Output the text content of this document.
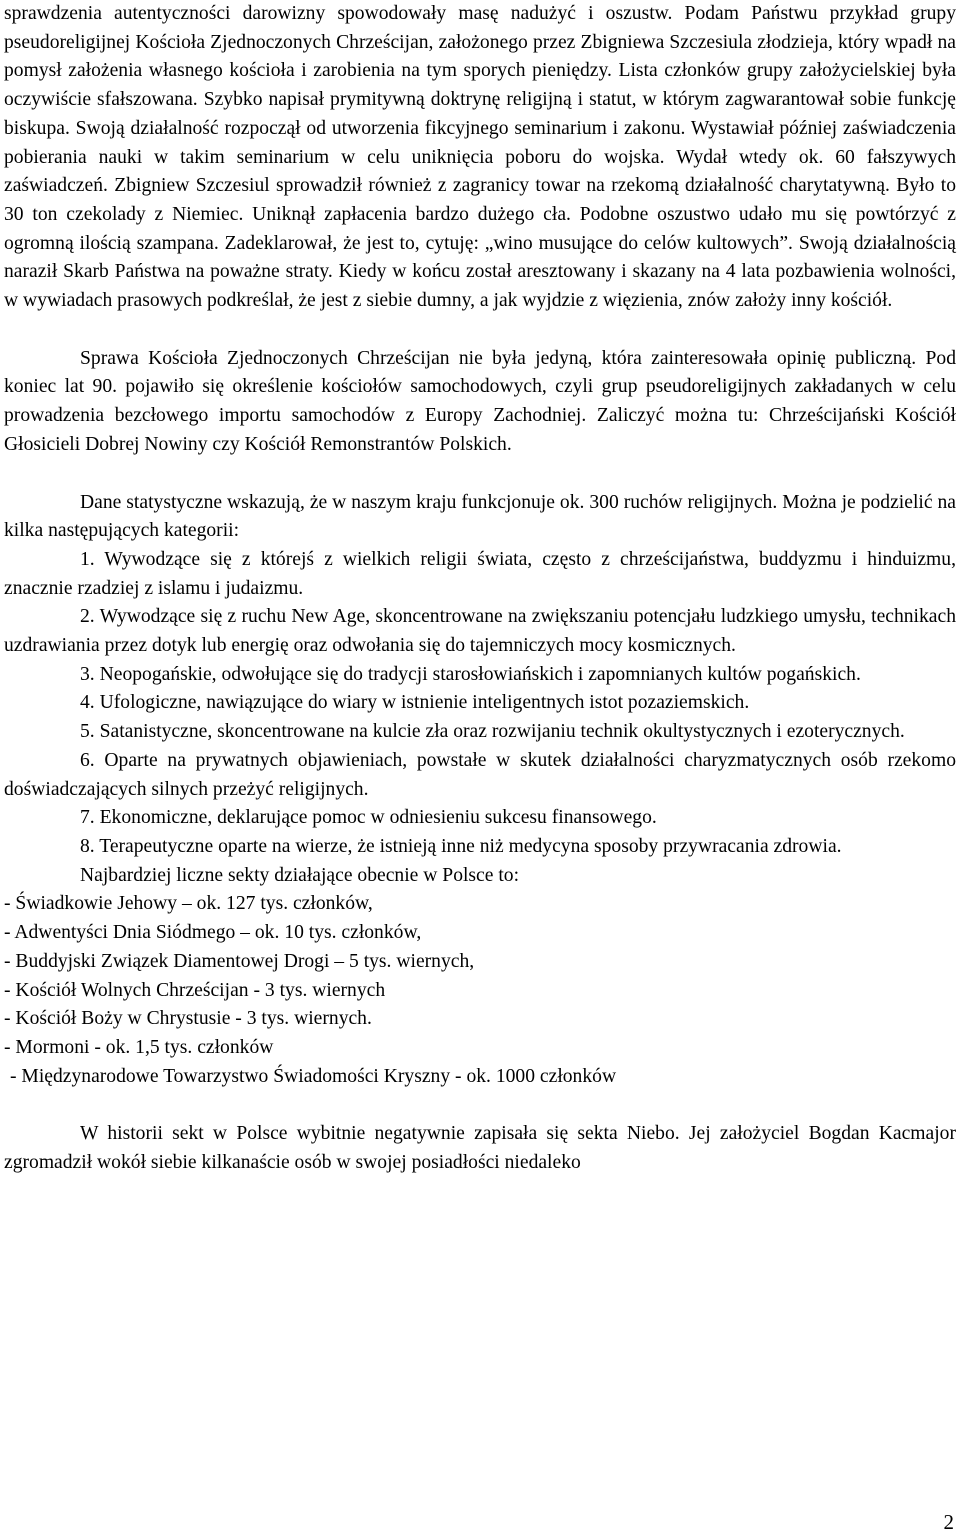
sprawdzenia autentyczności darowizny spowodowały masę nadużyć i oszustw. Podam Państwu przykład grupy pseudoreligijnej Kościoła Zjednoczonych Chrześcijan, założonego przez Zbigniewa Szczesiula złodzieja, który wpadł na pomysł założenia własnego kościoła i zarobienia na tym sporych pieniędzy. Lista członków grupy założycielskiej była oczywiście sfałszowana. Szybko napisał prymitywną doktrynę religijną i statut, w którym zagwarantował sobie funkcję biskupa. Swoją działalność rozpoczął od utworzenia fikcyjnego seminarium i zakonu. Wystawiał później zaświadczenia pobierania nauki w takim seminarium w celu uniknięcia poboru do wojska. Wydał wtedy ok. 60 fałszywych zaświadczeń. Zbigniew Szczesiul sprowadził również z zagranicy towar na rzekomą działalność charytatywną. Było to 30 ton czekolady z Niemiec. Uniknął zapłacenia bardzo dużego cła. Podobne oszustwo udało mu się powtórzyć z ogromną ilością szampana. Zadeklarował, że jest to, cytuję: „wino musujące do celów kultowych”. Swoją działalnością naraził Skarb Państwa na poważne straty. Kiedy w końcu został aresztowany i skazany na 4 lata pozbawienia wolności, w wywiadach prasowych podkreślał, że jest z siebie dumny, a jak wyjdzie z więzienia, znów założy inny kościół.

Sprawa Kościoła Zjednoczonych Chrześcijan nie była jedyną, która zainteresowała opinię publiczną. Pod koniec lat 90. pojawiło się określenie kościołów samochodowych, czyli grup pseudoreligijnych zakładanych w celu prowadzenia bezcłowego importu samochodów z Europy Zachodniej. Zaliczyć można tu: Chrześcijański Kościół Głosicieli Dobrej Nowiny czy Kościół Remonstrantów Polskich.

Dane statystyczne wskazują, że w naszym kraju funkcjonuje ok. 300 ruchów religijnych. Można je podzielić na kilka następujących kategorii:

1. Wywodzące się z którejś z wielkich religii świata, często z chrześcijaństwa, buddyzmu i hinduizmu, znacznie rzadziej z islamu i judaizmu.

2. Wywodzące się z ruchu New Age, skoncentrowane na zwiększaniu potencjału ludzkiego umysłu, technikach uzdrawiania przez dotyk lub energię oraz odwołania się do tajemniczych mocy kosmicznych.

3. Neopogańskie, odwołujące się do tradycji starosłowiańskich i zapomnianych kultów pogańskich.

4. Ufologiczne, nawiązujące do wiary w istnienie inteligentnych istot pozaziemskich.

5. Satanistyczne, skoncentrowane na kulcie zła oraz rozwijaniu technik okultystycznych i ezoterycznych.

6. Oparte na prywatnych objawieniach, powstałe w skutek działalności charyzmatycznych osób rzekomo doświadczających silnych przeżyć religijnych.

7. Ekonomiczne, deklarujące pomoc w odniesieniu sukcesu finansowego.

8. Terapeutyczne oparte na wierze, że istnieją inne niż medycyna sposoby przywracania zdrowia.

Najbardziej liczne sekty działające obecnie w Polsce to:

- Świadkowie Jehowy – ok. 127 tys. członków,

- Adwentyści Dnia Siódmego – ok. 10 tys. członków,

- Buddyjski Związek Diamentowej Drogi – 5 tys. wiernych,

- Kościół Wolnych Chrześcijan - 3 tys. wiernych

- Kościół Boży w Chrystusie - 3 tys. wiernych.

- Mormoni - ok. 1,5 tys. członków

- Międzynarodowe Towarzystwo Świadomości Kryszny - ok. 1000 członków

W historii sekt w Polsce wybitnie negatywnie zapisała się sekta Niebo. Jej założyciel Bogdan Kacmajor zgromadził wokół siebie kilkanaście osób w swojej posiadłości niedaleko

2
